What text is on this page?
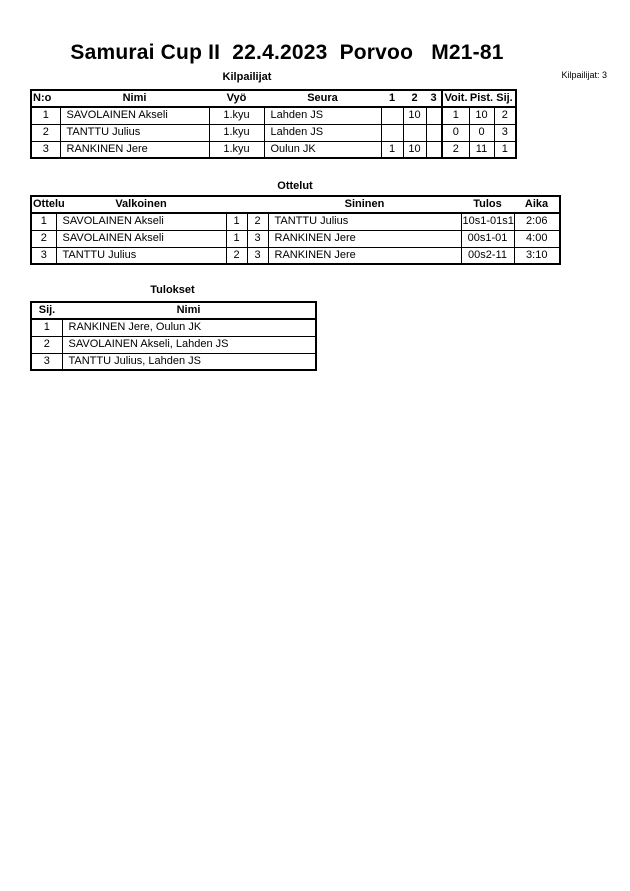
Samurai Cup II  22.4.2023  Porvoo   M21-81
Kilpailijat	Kilpailijat: 3
N:o	Nimi	Vyö	Seura	1	2	3	Voit.	Pist.	Sij.
1	SAVOLAINEN Akseli	1.kyu	Lahden JS		10		1	10	2
2	TANTTU Julius	1.kyu	Lahden JS				0	0	3
3	RANKINEN Jere	1.kyu	Oulun JK	1	10		2	11	1
Ottelut
Ottelu	Valkoinen			Sininen	Tulos	Aika
1	SAVOLAINEN Akseli	1	2	TANTTU Julius	10s1-01s1	2:06
2	SAVOLAINEN Akseli	1	3	RANKINEN Jere	00s1-01	4:00
3	TANTTU Julius	2	3	RANKINEN Jere	00s2-11	3:10
Tulokset
Sij.	Nimi
1	RANKINEN Jere, Oulun JK
2	SAVOLAINEN Akseli, Lahden JS
3	TANTTU Julius, Lahden JS
